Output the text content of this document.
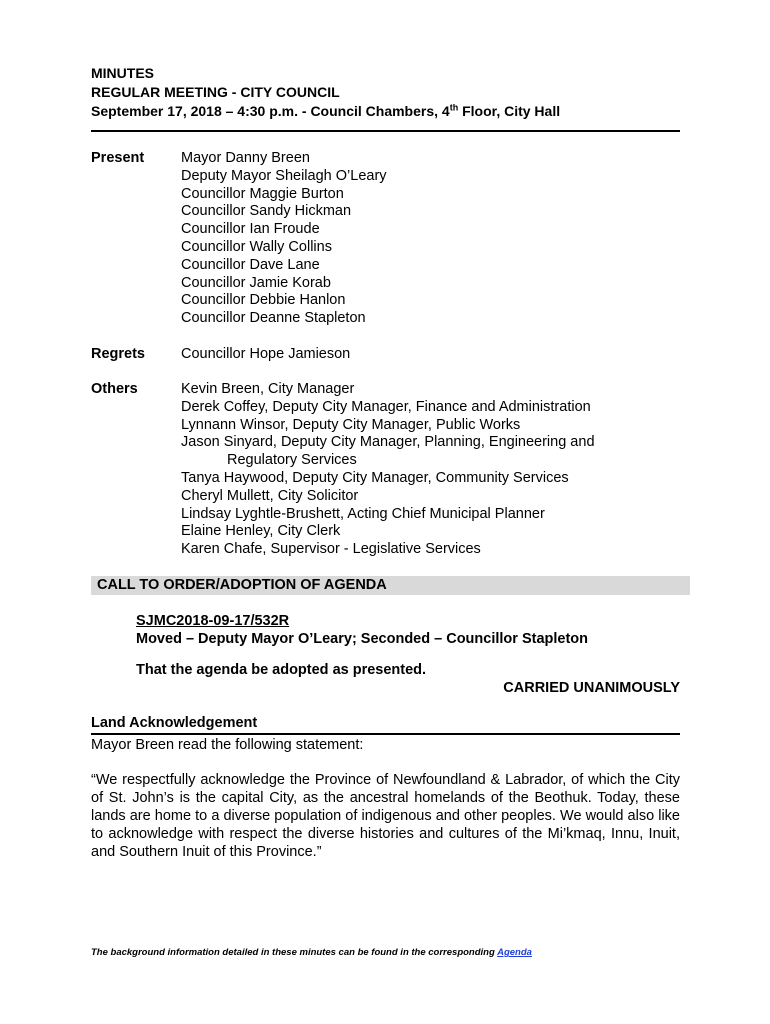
MINUTES
REGULAR MEETING - CITY COUNCIL
September 17, 2018 – 4:30 p.m. - Council Chambers, 4th Floor, City Hall
Present	Mayor Danny Breen
Deputy Mayor Sheilagh O’Leary
Councillor Maggie Burton
Councillor Sandy Hickman
Councillor Ian Froude
Councillor Wally Collins
Councillor Dave Lane
Councillor Jamie Korab
Councillor Debbie Hanlon
Councillor Deanne Stapleton
Regrets	Councillor Hope Jamieson
Others	Kevin Breen, City Manager
Derek Coffey, Deputy City Manager, Finance and Administration
Lynnann Winsor, Deputy City Manager, Public Works
Jason Sinyard, Deputy City Manager, Planning, Engineering and
Regulatory Services
Tanya Haywood, Deputy City Manager, Community Services
Cheryl Mullett, City Solicitor
Lindsay Lyghtle-Brushett, Acting Chief Municipal Planner
Elaine Henley, City Clerk
Karen Chafe, Supervisor - Legislative Services
CALL TO ORDER/ADOPTION OF AGENDA
SJMC2018-09-17/532R
Moved – Deputy Mayor O’Leary; Seconded – Councillor Stapleton
That the agenda be adopted as presented.
CARRIED UNANIMOUSLY
Land Acknowledgement
Mayor Breen read the following statement:
“We respectfully acknowledge the Province of Newfoundland & Labrador, of which the City of St. John’s is the capital City, as the ancestral homelands of the Beothuk. Today, these lands are home to a diverse population of indigenous and other peoples. We would also like to acknowledge with respect the diverse histories and cultures of the Mi’kmaq, Innu, Inuit, and Southern Inuit of this Province.”
The background information detailed in these minutes can be found in the corresponding Agenda
